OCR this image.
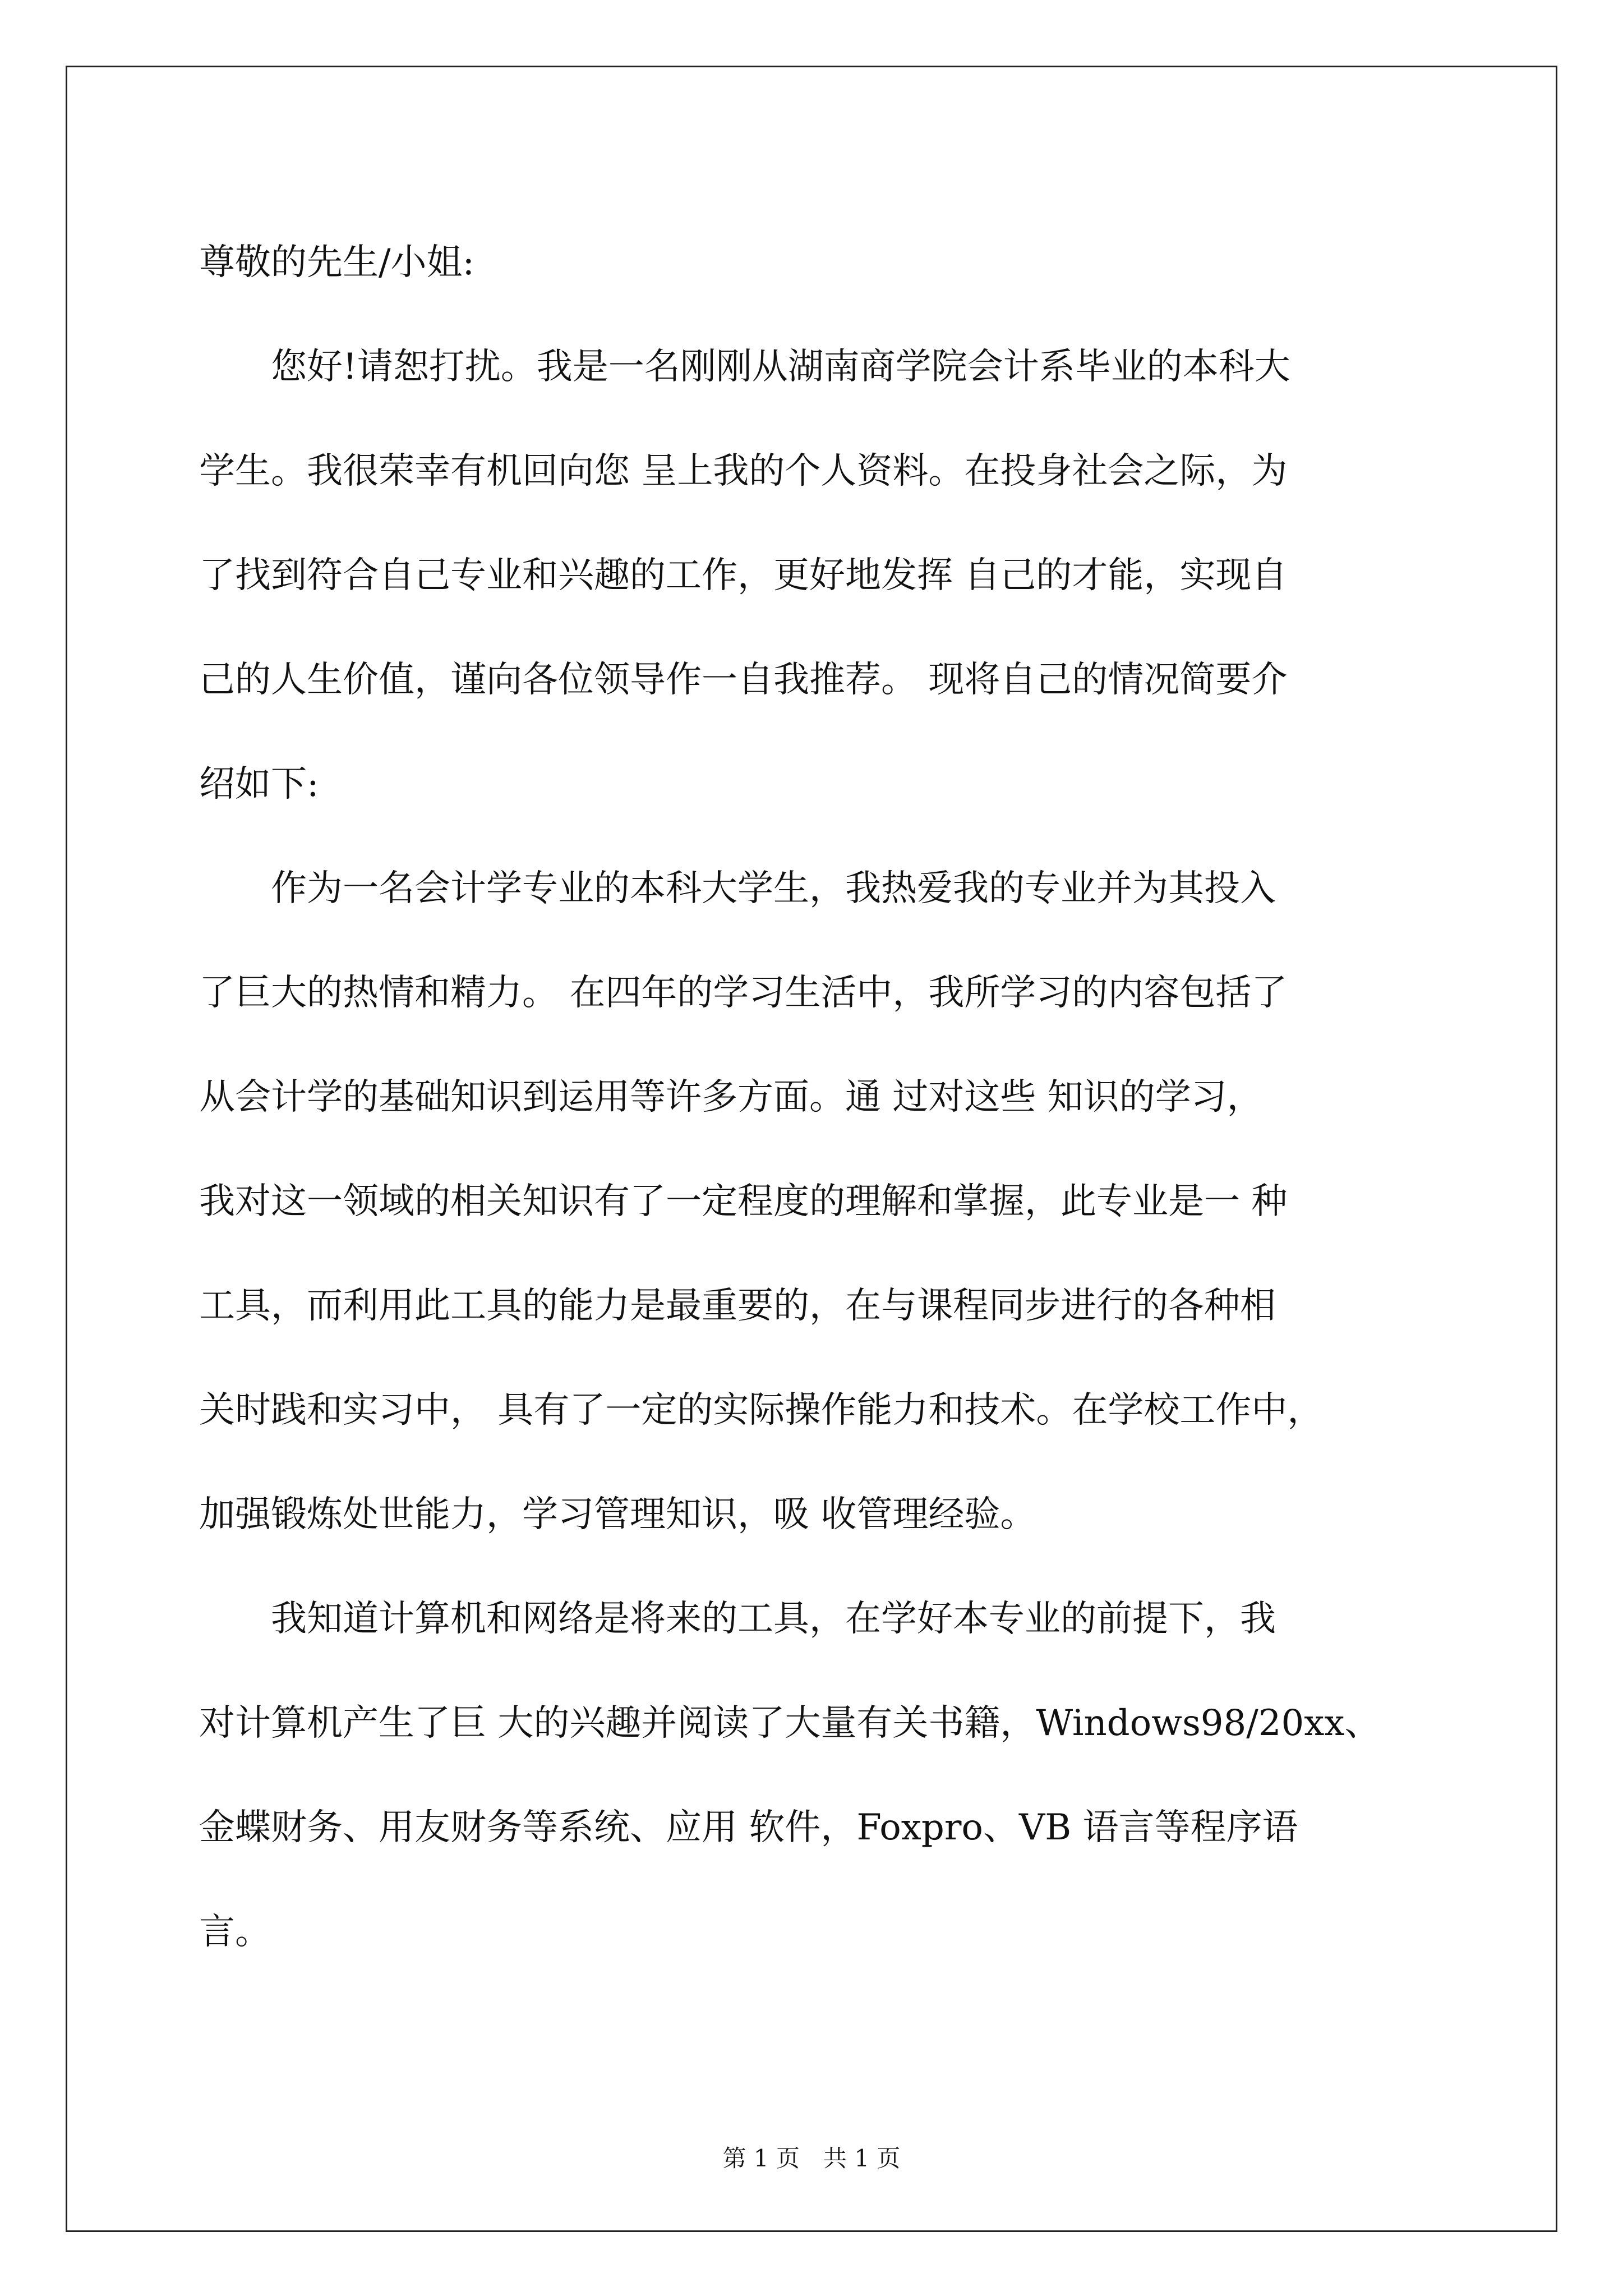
尊敬的先生/小姐:

　　您好!请恕打扰。我是一名刚刚从湖南商学院会计系毕业的本科大
学生。我很荣幸有机回向您 呈上我的个人资料。在投身社会之际，为
了找到符合自己专业和兴趣的工作，更好地发挥 自己的才能，实现自
己的人生价值，谨向各位领导作一自我推荐。 现将自己的情况简要介
绍如下:

　　作为一名会计学专业的本科大学生，我热爱我的专业并为其投入
了巨大的热情和精力。 在四年的学习生活中，我所学习的内容包括了
从会计学的基础知识到运用等许多方面。通 过对这些 知识的学习，
我对这一领域的相关知识有了一定程度的理解和掌握，此专业是一 种
工具，而利用此工具的能力是最重要的，在与课程同步进行的各种相
关时践和实习中， 具有了一定的实际操作能力和技术。在学校工作中，
加强锻炼处世能力，学习管理知识，吸 收管理经验。

　　我知道计算机和网络是将来的工具，在学好本专业的前提下，我
对计算机产生了巨 大的兴趣并阅读了大量有关书籍，Windows98/20xx、
金蝶财务、用友财务等系统、应用 软件，Foxpro、VB 语言等程序语
言。

第 1 页　共 1 页
